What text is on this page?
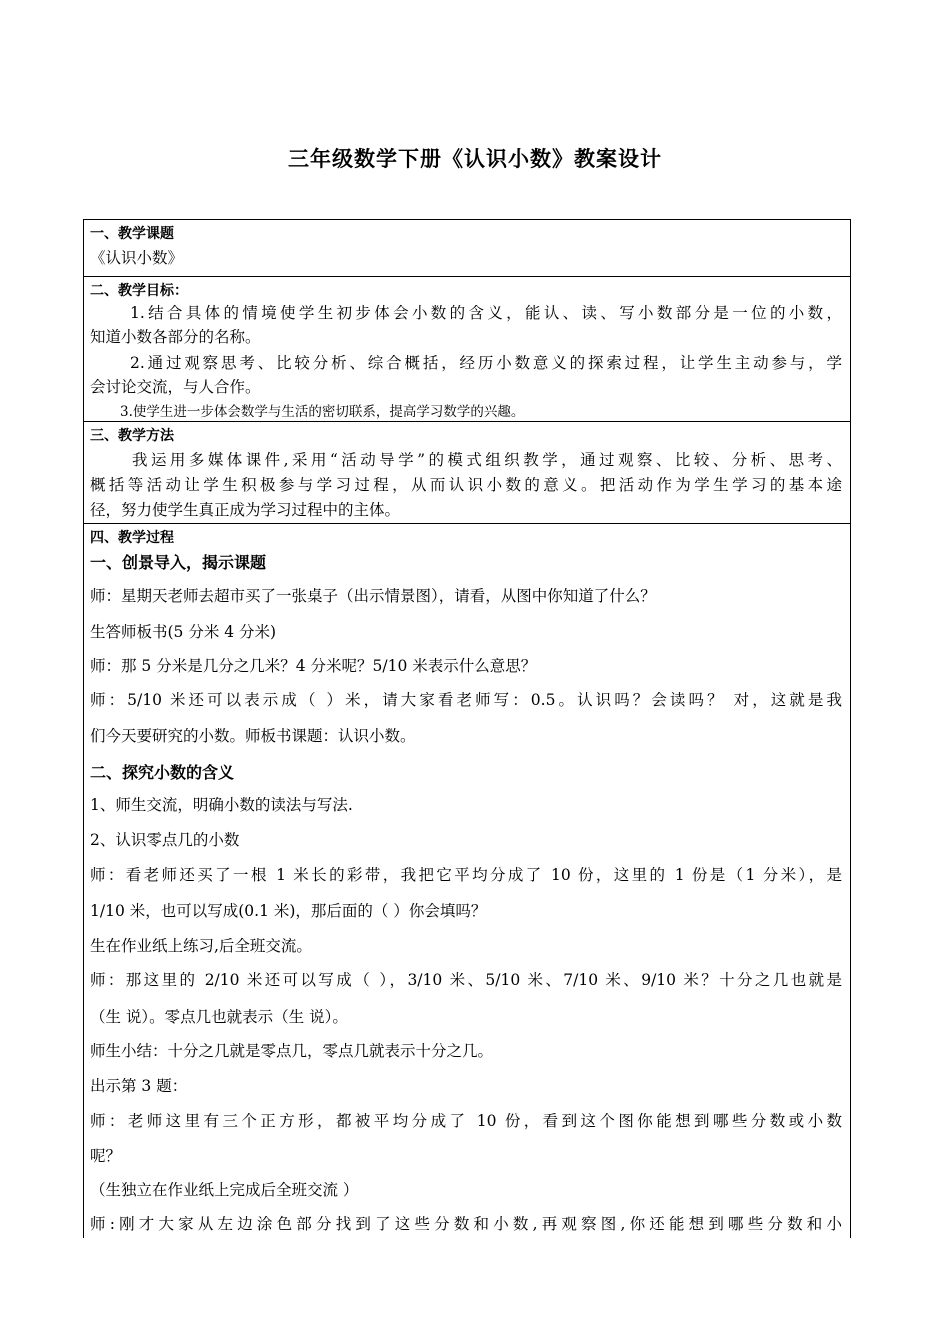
三年级数学下册《认识小数》教案设计
一、教学课题
《认识小数》
二、教学目标：
1.结合具体的情境使学生初步体会小数的含义，能认、读、写小数部分是一位的小数，
知道小数各部分的名称。
2.通过观察思考、比较分析、综合概括，经历小数意义的探索过程，让学生主动参与，学
会讨论交流，与人合作。
3.使学生进一步体会数学与生活的密切联系，提高学习数学的兴趣。
三、教学方法
我运用多媒体课件,采用“活动导学”的模式组织教学，通过观察、比较、分析、思考、
概括等活动让学生积极参与学习过程，从而认识小数的意义。把活动作为学生学习的基本途
径，努力使学生真正成为学习过程中的主体。
四、教学过程
一、创景导入，揭示课题
师：星期天老师去超市买了一张桌子（出示情景图），请看，从图中你知道了什么？
生答师板书(5 分米 4 分米)
师：那 5 分米是几分之几米？4 分米呢？5/10 米表示什么意思？
师：5/10 米还可以表示成（ ）米，请大家看老师写：0.5。认识吗？会读吗？ 对，这就是我
们今天要研究的小数。师板书课题：认识小数。
二、探究小数的含义
1、师生交流，明确小数的读法与写法.
2、认识零点几的小数
师：看老师还买了一根 1 米长的彩带，我把它平均分成了 10 份，这里的 1 份是（1 分米），是
1/10 米，也可以写成(0.1 米)，那后面的（ ）你会填吗？
生在作业纸上练习,后全班交流。
师：那这里的 2/10 米还可以写成（ ），3/10 米、5/10 米、7/10 米、9/10 米？十分之几也就是
（生 说）。零点几也就表示（生 说）。
师生小结：十分之几就是零点几，零点几就表示十分之几。
出示第 3 题：
师：老师这里有三个正方形，都被平均分成了 10 份，看到这个图你能想到哪些分数或小数
呢？
（生独立在作业纸上完成后全班交流 ）
师:刚才大家从左边涂色部分找到了这些分数和小数,再观察图,你还能想到哪些分数和小
